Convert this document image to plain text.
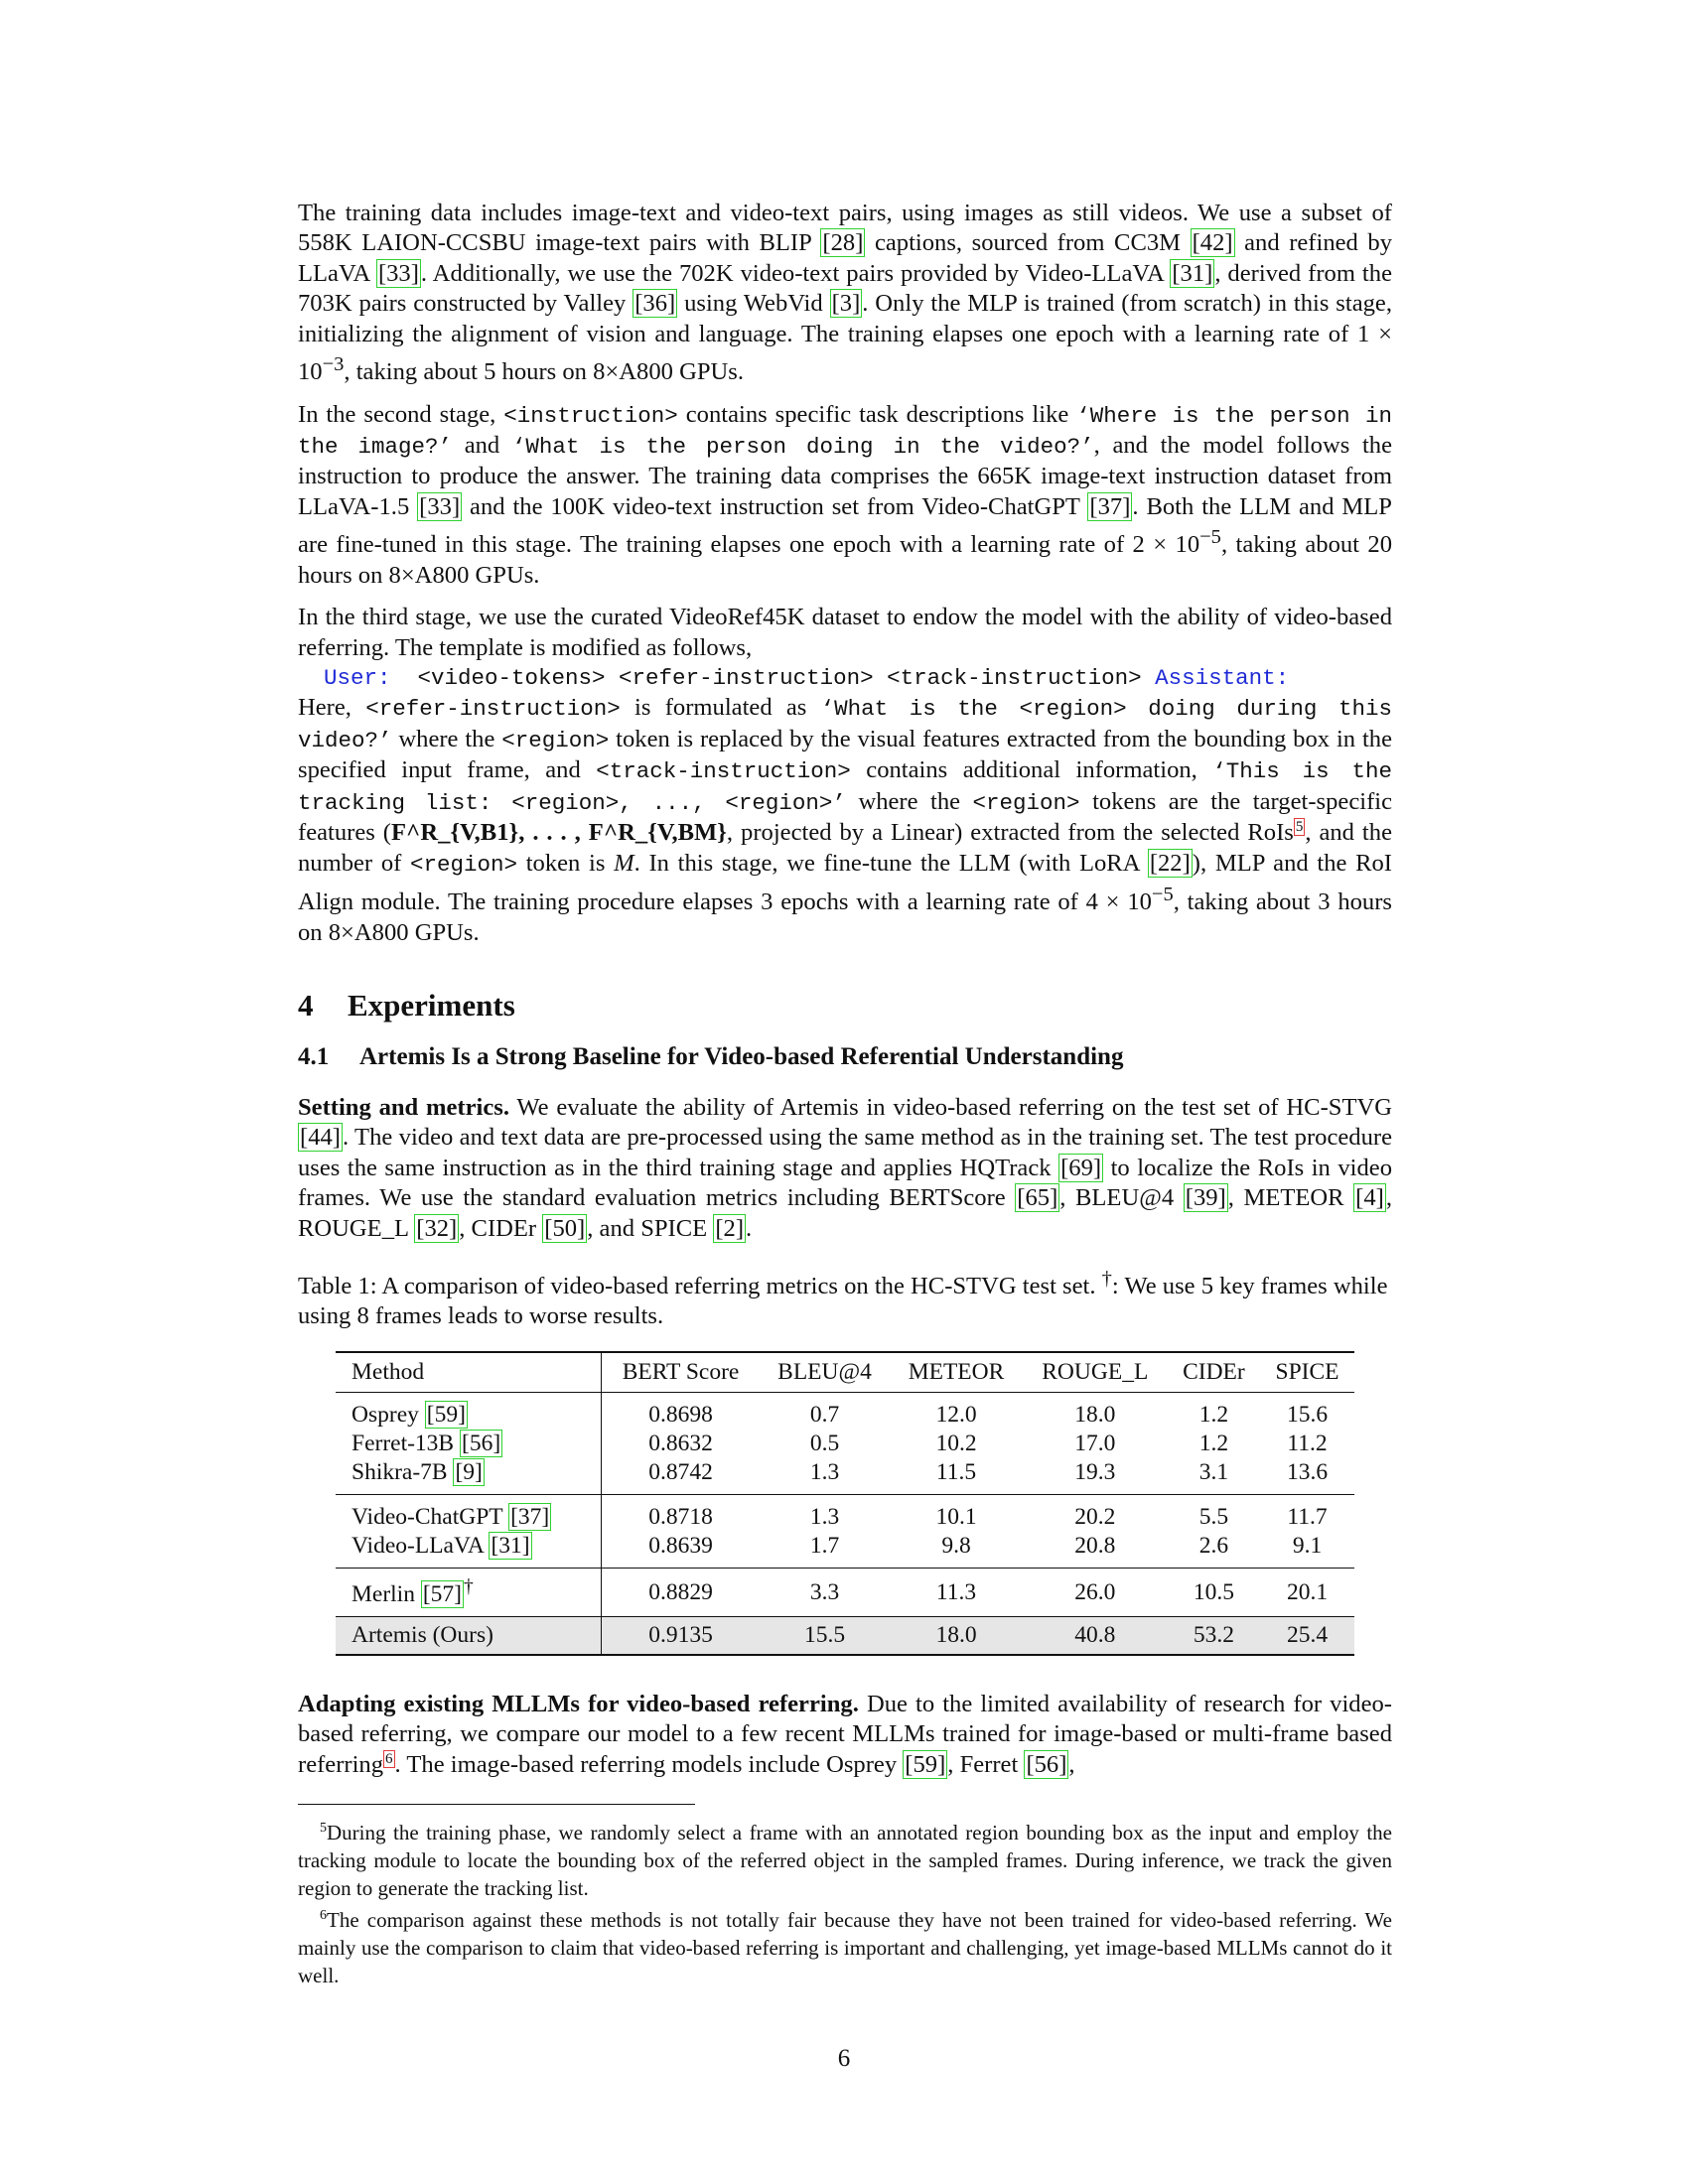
The training data includes image-text and video-text pairs, using images as still videos. We use a subset of 558K LAION-CCSBU image-text pairs with BLIP [28] captions, sourced from CC3M [42] and refined by LLaVA [33]. Additionally, we use the 702K video-text pairs provided by Video-LLaVA [31], derived from the 703K pairs constructed by Valley [36] using WebVid [3]. Only the MLP is trained (from scratch) in this stage, initializing the alignment of vision and language. The training elapses one epoch with a learning rate of $1 \times 10^{-3}$, taking about 5 hours on 8×A800 GPUs.

In the second stage, <instruction> contains specific task descriptions like ‘Where is the person in the image?’ and ‘What is the person doing in the video?’, and the model follows the instruction to produce the answer. The training data comprises the 665K image-text instruction dataset from LLaVA-1.5 [33] and the 100K video-text instruction set from Video-ChatGPT [37]. Both the LLM and MLP are fine-tuned in this stage. The training elapses one epoch with a learning rate of $2 \times 10^{-5}$, taking about 20 hours on 8×A800 GPUs.

In the third stage, we use the curated VideoRef45K dataset to endow the model with the ability of video-based referring. The template is modified as follows,

User:  <video-tokens> <refer-instruction> <track-instruction> Assistant:

Here, <refer-instruction> is formulated as ‘What is the <region> doing during this video?’ where the <region> token is replaced by the visual features extracted from the bounding box in the specified input frame, and <track-instruction> contains additional information, ‘This is the tracking list: <region>, ..., <region>’ where the <region> tokens are the target-specific features (F^R_{V,B1}, . . . , F^R_{V,BM}, projected by a Linear) extracted from the selected RoIs $^5$, and the number of <region> token is M. In this stage, we fine-tune the LLM (with LoRA [22]), MLP and the RoI Align module. The training procedure elapses 3 epochs with a learning rate of $4 \times 10^{-5}$, taking about 3 hours on 8×A800 GPUs.

4 Experiments
4.1 Artemis Is a Strong Baseline for Video-based Referential Understanding

Setting and metrics. We evaluate the ability of Artemis in video-based referring on the test set of HC-STVG [44]. The video and text data are pre-processed using the same method as in the training set. The test procedure uses the same instruction as in the third training stage and applies HQTrack [69] to localize the RoIs in video frames. We use the standard evaluation metrics including BERTScore [65], BLEU@4 [39], METEOR [4], ROUGE_L [32], CIDEr [50], and SPICE [2].

Table 1: A comparison of video-based referring metrics on the HC-STVG test set. †: We use 5 key frames while using 8 frames leads to worse results.
Method	BERT Score	BLEU@4	METEOR	ROUGE_L	CIDEr	SPICE
Osprey [59]	0.8698	0.7	12.0	18.0	1.2	15.6
Ferret-13B [56]	0.8632	0.5	10.2	17.0	1.2	11.2
Shikra-7B [9]	0.8742	1.3	11.5	19.3	3.1	13.6
Video-ChatGPT [37]	0.8718	1.3	10.1	20.2	5.5	11.7
Video-LLaVA [31]	0.8639	1.7	9.8	20.8	2.6	9.1
Merlin [57] †	0.8829	3.3	11.3	26.0	10.5	20.1
Artemis (Ours)	0.9135	15.5	18.0	40.8	53.2	25.4

Adapting existing MLLMs for video-based referring. Due to the limited availability of research for video-based referring, we compare our model to a few recent MLLMs trained for image-based or multi-frame based referring $^6$. The image-based referring models include Osprey [59], Ferret [56],

$^5$During the training phase, we randomly select a frame with an annotated region bounding box as the input and employ the tracking module to locate the bounding box of the referred object in the sampled frames. During inference, we track the given region to generate the tracking list.

$^6$The comparison against these methods is not totally fair because they have not been trained for video-based referring. We mainly use the comparison to claim that video-based referring is important and challenging, yet image-based MLLMs cannot do it well.

6
